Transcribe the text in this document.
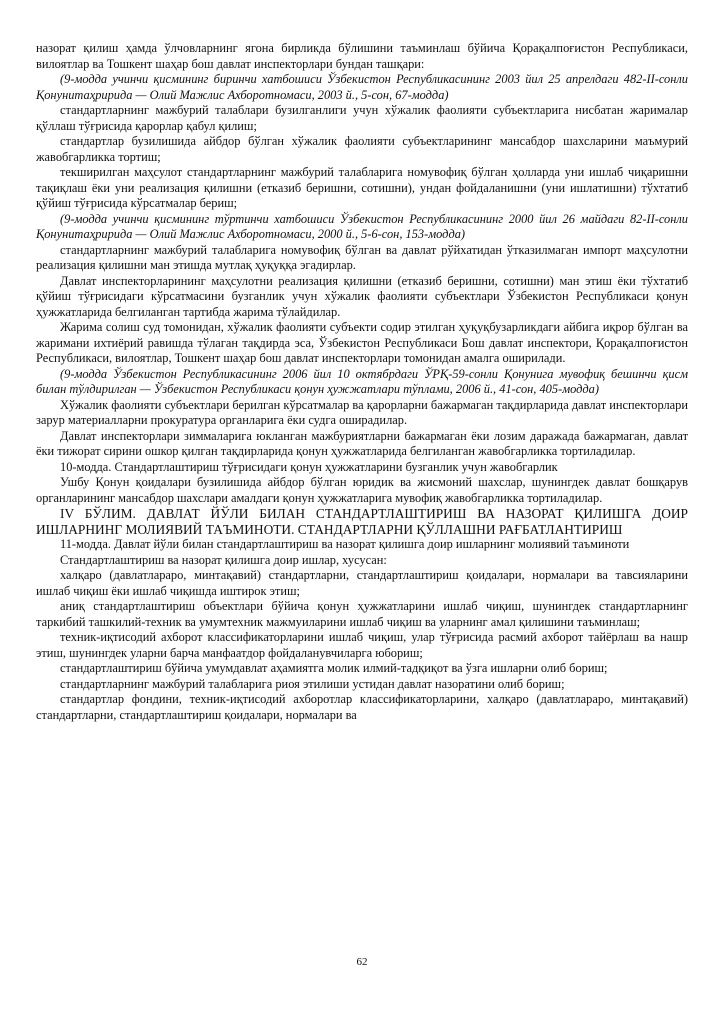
назорат қилиш ҳамда ўлчовларнинг ягона бирликда бўлишини таъминлаш бўйича Қорақалпоғистон Республикаси, вилоятлар ва Тошкент шаҳар бош давлат инспекторлари бундан ташқари:

(9-модда учинчи қисмининг биринчи хатбошиси Ўзбекистон Республикасининг 2003 йил 25 апрелдаги 482-II-сонли Қонунитаҳририда — Олий Мажлис Ахборотномаси, 2003 й., 5-сон, 67-модда)

стандартларнинг мажбурий талаблари бузилганлиги учун хўжалик фаолияти субъектларига нисбатан жарималар қўллаш тўғрисида қарорлар қабул қилиш;

стандартлар бузилишида айбдор бўлган хўжалик фаолияти субъектларининг мансабдор шахсларини маъмурий жавобгарликка тортиш;

текширилган маҳсулот стандартларнинг мажбурий талабларига номувофиқ бўлган ҳолларда уни ишлаб чиқаришни тақиқлаш ёки уни реализация қилишни (етказиб беришни, сотишни), ундан фойдаланишни (уни ишлатишни) тўхтатиб қўйиш тўғрисида кўрсатмалар бериш;

(9-модда учинчи қисмининг тўртинчи хатбошиси Ўзбекистон Республикасининг 2000 йил 26 майдаги 82-II-сонли Қонунитаҳририда — Олий Мажлис Ахборотномаси, 2000 й., 5-6-сон, 153-модда)

стандартларнинг мажбурий талабларига номувофиқ бўлган ва давлат рўйхатидан ўтказилмаган импорт маҳсулотни реализация қилишни ман этишда мутлақ ҳуқуққа эгадирлар.

Давлат инспекторларининг маҳсулотни реализация қилишни (етказиб беришни, сотишни) ман этиш ёки тўхтатиб қўйиш тўғрисидаги кўрсатмасини бузганлик учун хўжалик фаолияти субъектлари Ўзбекистон Республикаси қонун ҳужжатларида белгиланган тартибда жарима тўлайдилар.

Жарима солиш суд томонидан, хўжалик фаолияти субъекти содир этилган ҳуқуқбузарликдаги айбига иқрор бўлган ва жаримани ихтиёрий равишда тўлаган тақдирда эса, Ўзбекистон Республикаси Бош давлат инспектори, Қорақалпоғистон Республикаси, вилоятлар, Тошкент шаҳар бош давлат инспекторлари томонидан амалга оширилади.

(9-модда Ўзбекистон Республикасининг 2006 йил 10 октябрдаги ЎРҚ-59-сонли Қонунига мувофиқ бешинчи қисм билан тўлдирилган — Ўзбекистон Республикаси қонун ҳужжатлари тўплами, 2006 й., 41-сон, 405-модда)

Хўжалик фаолияти субъектлари берилган кўрсатмалар ва қарорларни бажармаган тақдирларида давлат инспекторлари зарур материалларни прокуратура органларига ёки судга оширадилар.

Давлат инспекторлари зиммаларига юкланган мажбуриятларни бажармаган ёки лозим даражада бажармаган, давлат ёки тижорат сирини ошкор қилган тақдирларида қонун ҳужжатларида белгиланган жавобгарликка тортиладилар.

10-модда. Стандартлаштириш тўғрисидаги қонун ҳужжатларини бузганлик учун жавобгарлик

Ушбу Қонун қоидалари бузилишида айбдор бўлган юридик ва жисмоний шахслар, шунингдек давлат бошқарув органларининг мансабдор шахслари амалдаги қонун ҳужжатларига мувофиқ жавобгарликка тортиладилар.

IV БЎЛИМ. ДАВЛАТ ЙЎЛИ БИЛАН СТАНДАРТЛАШТИРИШ ВА НАЗОРАТ ҚИЛИШГА ДОИР ИШЛАРНИНГ МОЛИЯВИЙ ТАЪМИНОТИ. СТАНДАРТЛАРНИ ҚЎЛЛАШНИ РАҒБАТЛАНТИРИШ

11-модда. Давлат йўли билан стандартлаштириш ва назорат қилишга доир ишларнинг молиявий таъминоти

Стандартлаштириш ва назорат қилишга доир ишлар, хусусан:

халқаро (давлатлараро, минтақавий) стандартларни, стандартлаштириш қоидалари, нормалари ва тавсияларини ишлаб чиқиш ёки ишлаб чиқишда иштирок этиш;

аниқ стандартлаштириш объектлари бўйича қонун ҳужжатларини ишлаб чиқиш, шунингдек стандартларнинг таркибий ташкилий-техник ва умумтехник мажмуиларини ишлаб чиқиш ва уларнинг амал қилишини таъминлаш;

техник-иқтисодий ахборот классификаторларини ишлаб чиқиш, улар тўғрисида расмий ахборот тайёрлаш ва нашр этиш, шунингдек уларни барча манфаатдор фойдаланувчиларга юбориш;

стандартлаштириш бўйича умумдавлат аҳамиятга молик илмий-тадқиқот ва ўзга ишларни олиб бориш;

стандартларнинг мажбурий талабларига риоя этилиши устидан давлат назоратини олиб бориш;

стандартлар фондини, техник-иқтисодий ахборотлар классификаторларини, халқаро (давлатлараро, минтақавий) стандартларни, стандартлаштириш қоидалари, нормалари ва

62
